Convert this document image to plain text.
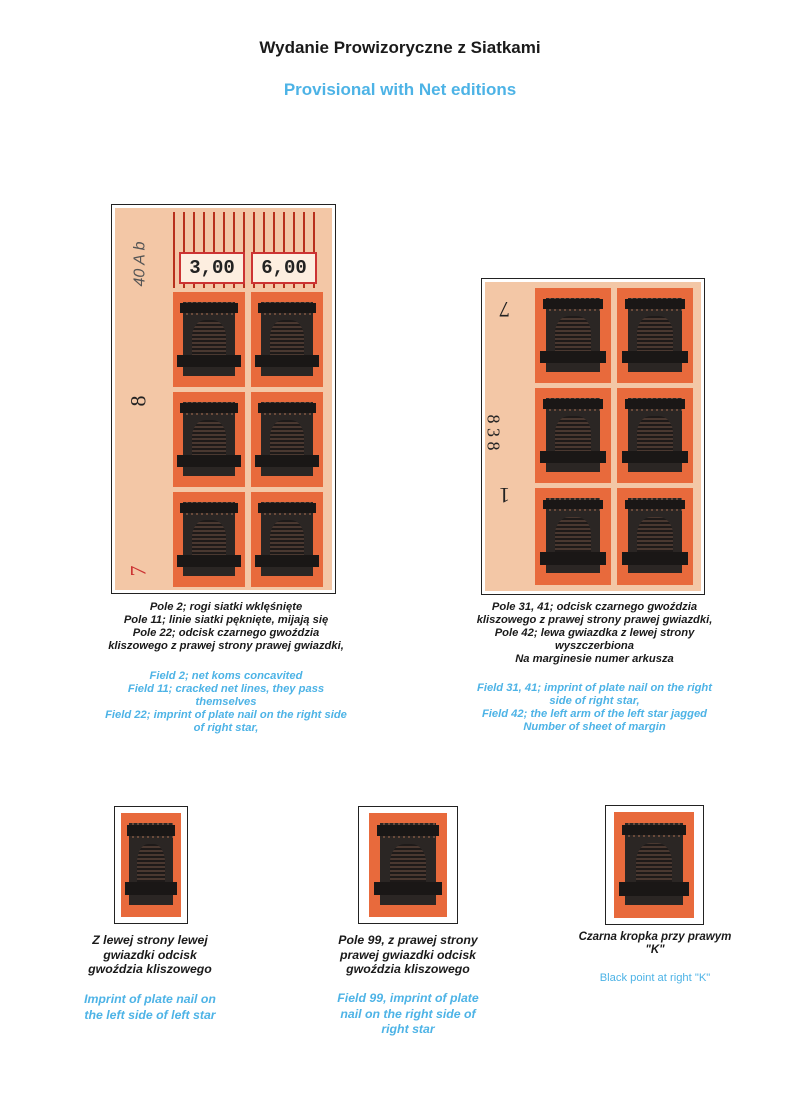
Wydanie Prowizoryczne z Siatkami
Provisional with Net editions
3,00	6,00
40 A b
8
7
Pole 2; rogi siatki wklęśnięte
Pole 11; linie siatki pęknięte, mijają się
Pole 22; odcisk czarnego gwoździa
kliszowego z prawej strony prawej gwiazdki,
Field 2; net koms concavited
Field 11; cracked net lines, they pass
themselves
Field 22; imprint of plate nail on the right side
of right star,
7
8 3 8
1
Pole 31, 41; odcisk czarnego gwoździa
kliszowego z prawej strony prawej gwiazdki,
Pole 42; lewa gwiazdka z lewej strony
wyszczerbiona
Na marginesie numer arkusza
Field 31, 41; imprint of plate nail on the right
side of right star,
Field 42; the left arm of the left star jagged
Number of sheet of margin
Z lewej strony lewej
gwiazdki odcisk
gwoździa kliszowego
Imprint of plate nail on
the left side of left star
Pole 99, z prawej strony
prawej gwiazdki odcisk
gwoździa kliszowego
Field 99, imprint of plate
nail on the right side of
right star
Czarna kropka przy prawym
"K"
Black point at right "K"
